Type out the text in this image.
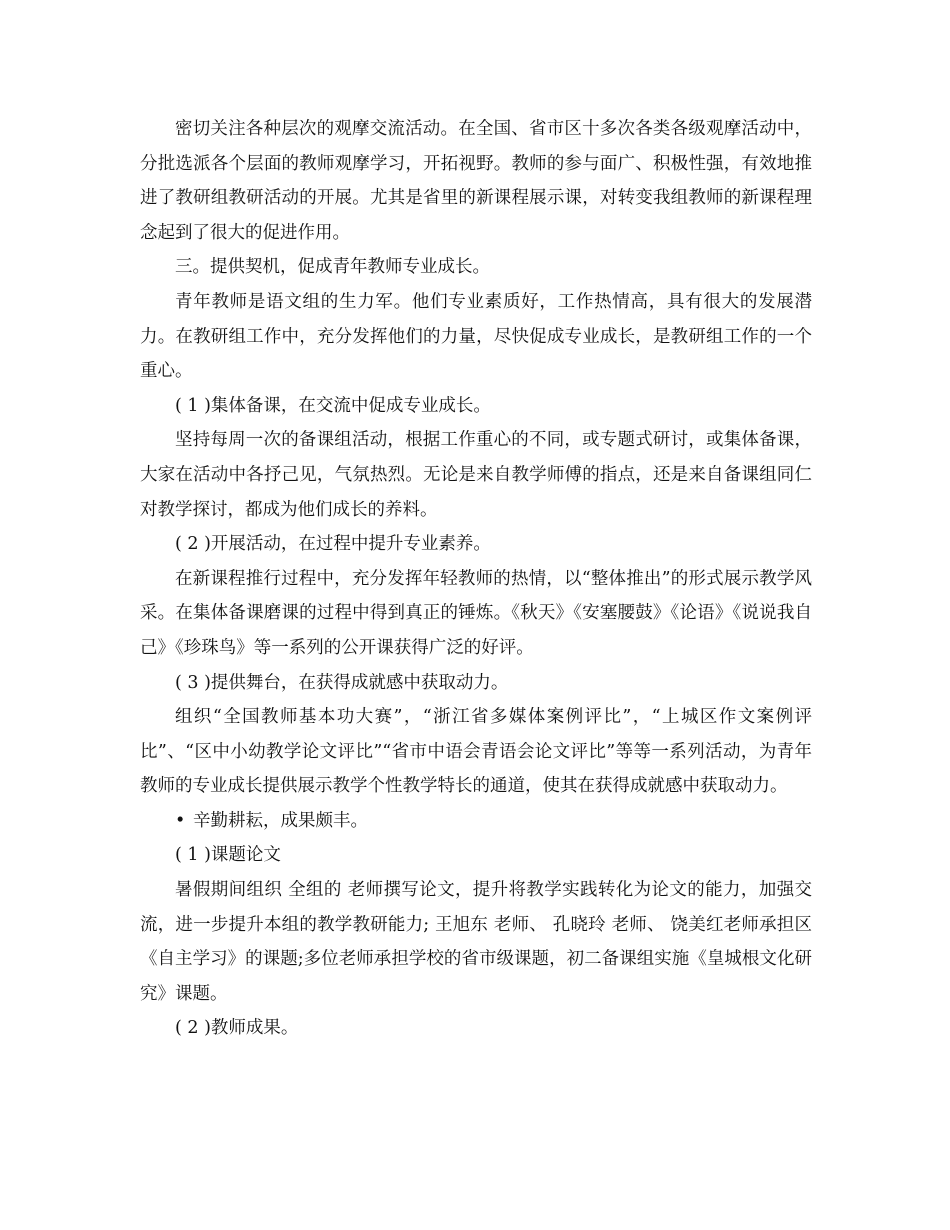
密切关注各种层次的观摩交流活动。在全国、省市区十多次各类各级观摩活动中，分批选派各个层面的教师观摩学习，开拓视野。教师的参与面广、积极性强，有效地推进了教研组教研活动的开展。尤其是省里的新课程展示课，对转变我组教师的新课程理念起到了很大的促进作用。

三。提供契机，促成青年教师专业成长。

青年教师是语文组的生力军。他们专业素质好，工作热情高，具有很大的发展潜力。在教研组工作中，充分发挥他们的力量，尽快促成专业成长，是教研组工作的一个重心。

( 1 )集体备课，在交流中促成专业成长。

坚持每周一次的备课组活动，根据工作重心的不同，或专题式研讨，或集体备课，大家在活动中各抒己见，气氛热烈。无论是来自教学师傅的指点，还是来自备课组同仁对教学探讨，都成为他们成长的养料。

( 2 )开展活动，在过程中提升专业素养。

在新课程推行过程中，充分发挥年轻教师的热情，以“整体推出”的形式展示教学风采。在集体备课磨课的过程中得到真正的锤炼。《秋天》《安塞腰鼓》《论语》《说说我自己》《珍珠鸟》等一系列的公开课获得广泛的好评。

( 3 )提供舞台，在获得成就感中获取动力。

组织“全国教师基本功大赛”，“浙江省多媒体案例评比”，“上城区作文案例评比”、“区中小幼教学论文评比”“省市中语会青语会论文评比”等等一系列活动，为青年教师的专业成长提供展示教学个性教学特长的通道，使其在获得成就感中获取动力。

• 辛勤耕耘，成果颇丰。

( 1 )课题论文

暑假期间组织 全组的 老师撰写论文，提升将教学实践转化为论文的能力，加强交流，进一步提升本组的教学教研能力; 王旭东 老师、 孔晓玲 老师、 饶美红老师承担区《自主学习》的课题;多位老师承担学校的省市级课题，初二备课组实施《皇城根文化研究》课题。

( 2 )教师成果。
